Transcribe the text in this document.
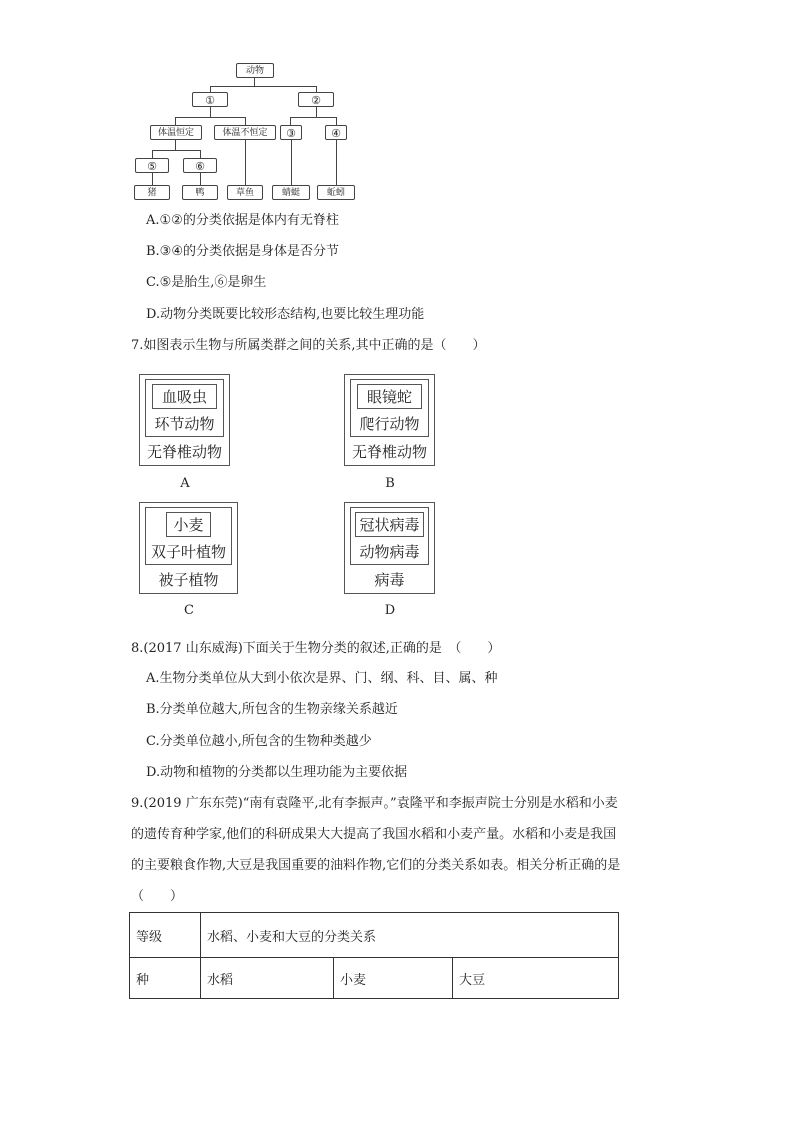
动物
①	②
体温恒定	体温不恒定	③	④
⑤	⑥
猪	鸭	草鱼	蜻蜓	蚯蚓
A.①②的分类依据是体内有无脊柱
B.③④的分类依据是身体是否分节
C.⑤是胎生,⑥是卵生
D.动物分类既要比较形态结构,也要比较生理功能
7.如图表示生物与所属类群之间的关系,其中正确的是（　　）
血吸虫
环节动物
无脊椎动物
A
眼镜蛇
爬行动物
无脊椎动物
B
小麦
双子叶植物
被子植物
C
冠状病毒
动物病毒
病毒
D
8.(2017 山东威海)下面关于生物分类的叙述,正确的是　（　　）
A.生物分类单位从大到小依次是界、门、纲、科、目、属、种
B.分类单位越大,所包含的生物亲缘关系越近
C.分类单位越小,所包含的生物种类越少
D.动物和植物的分类都以生理功能为主要依据
9.(2019 广东东莞)“南有袁隆平,北有李振声。”袁隆平和李振声院士分别是水稻和小麦
的遗传育种学家,他们的科研成果大大提高了我国水稻和小麦产量。水稻和小麦是我国
的主要粮食作物,大豆是我国重要的油料作物,它们的分类关系如表。相关分析正确的是
（　　）
等级	水稻、小麦和大豆的分类关系		
种	水稻	小麦	大豆
